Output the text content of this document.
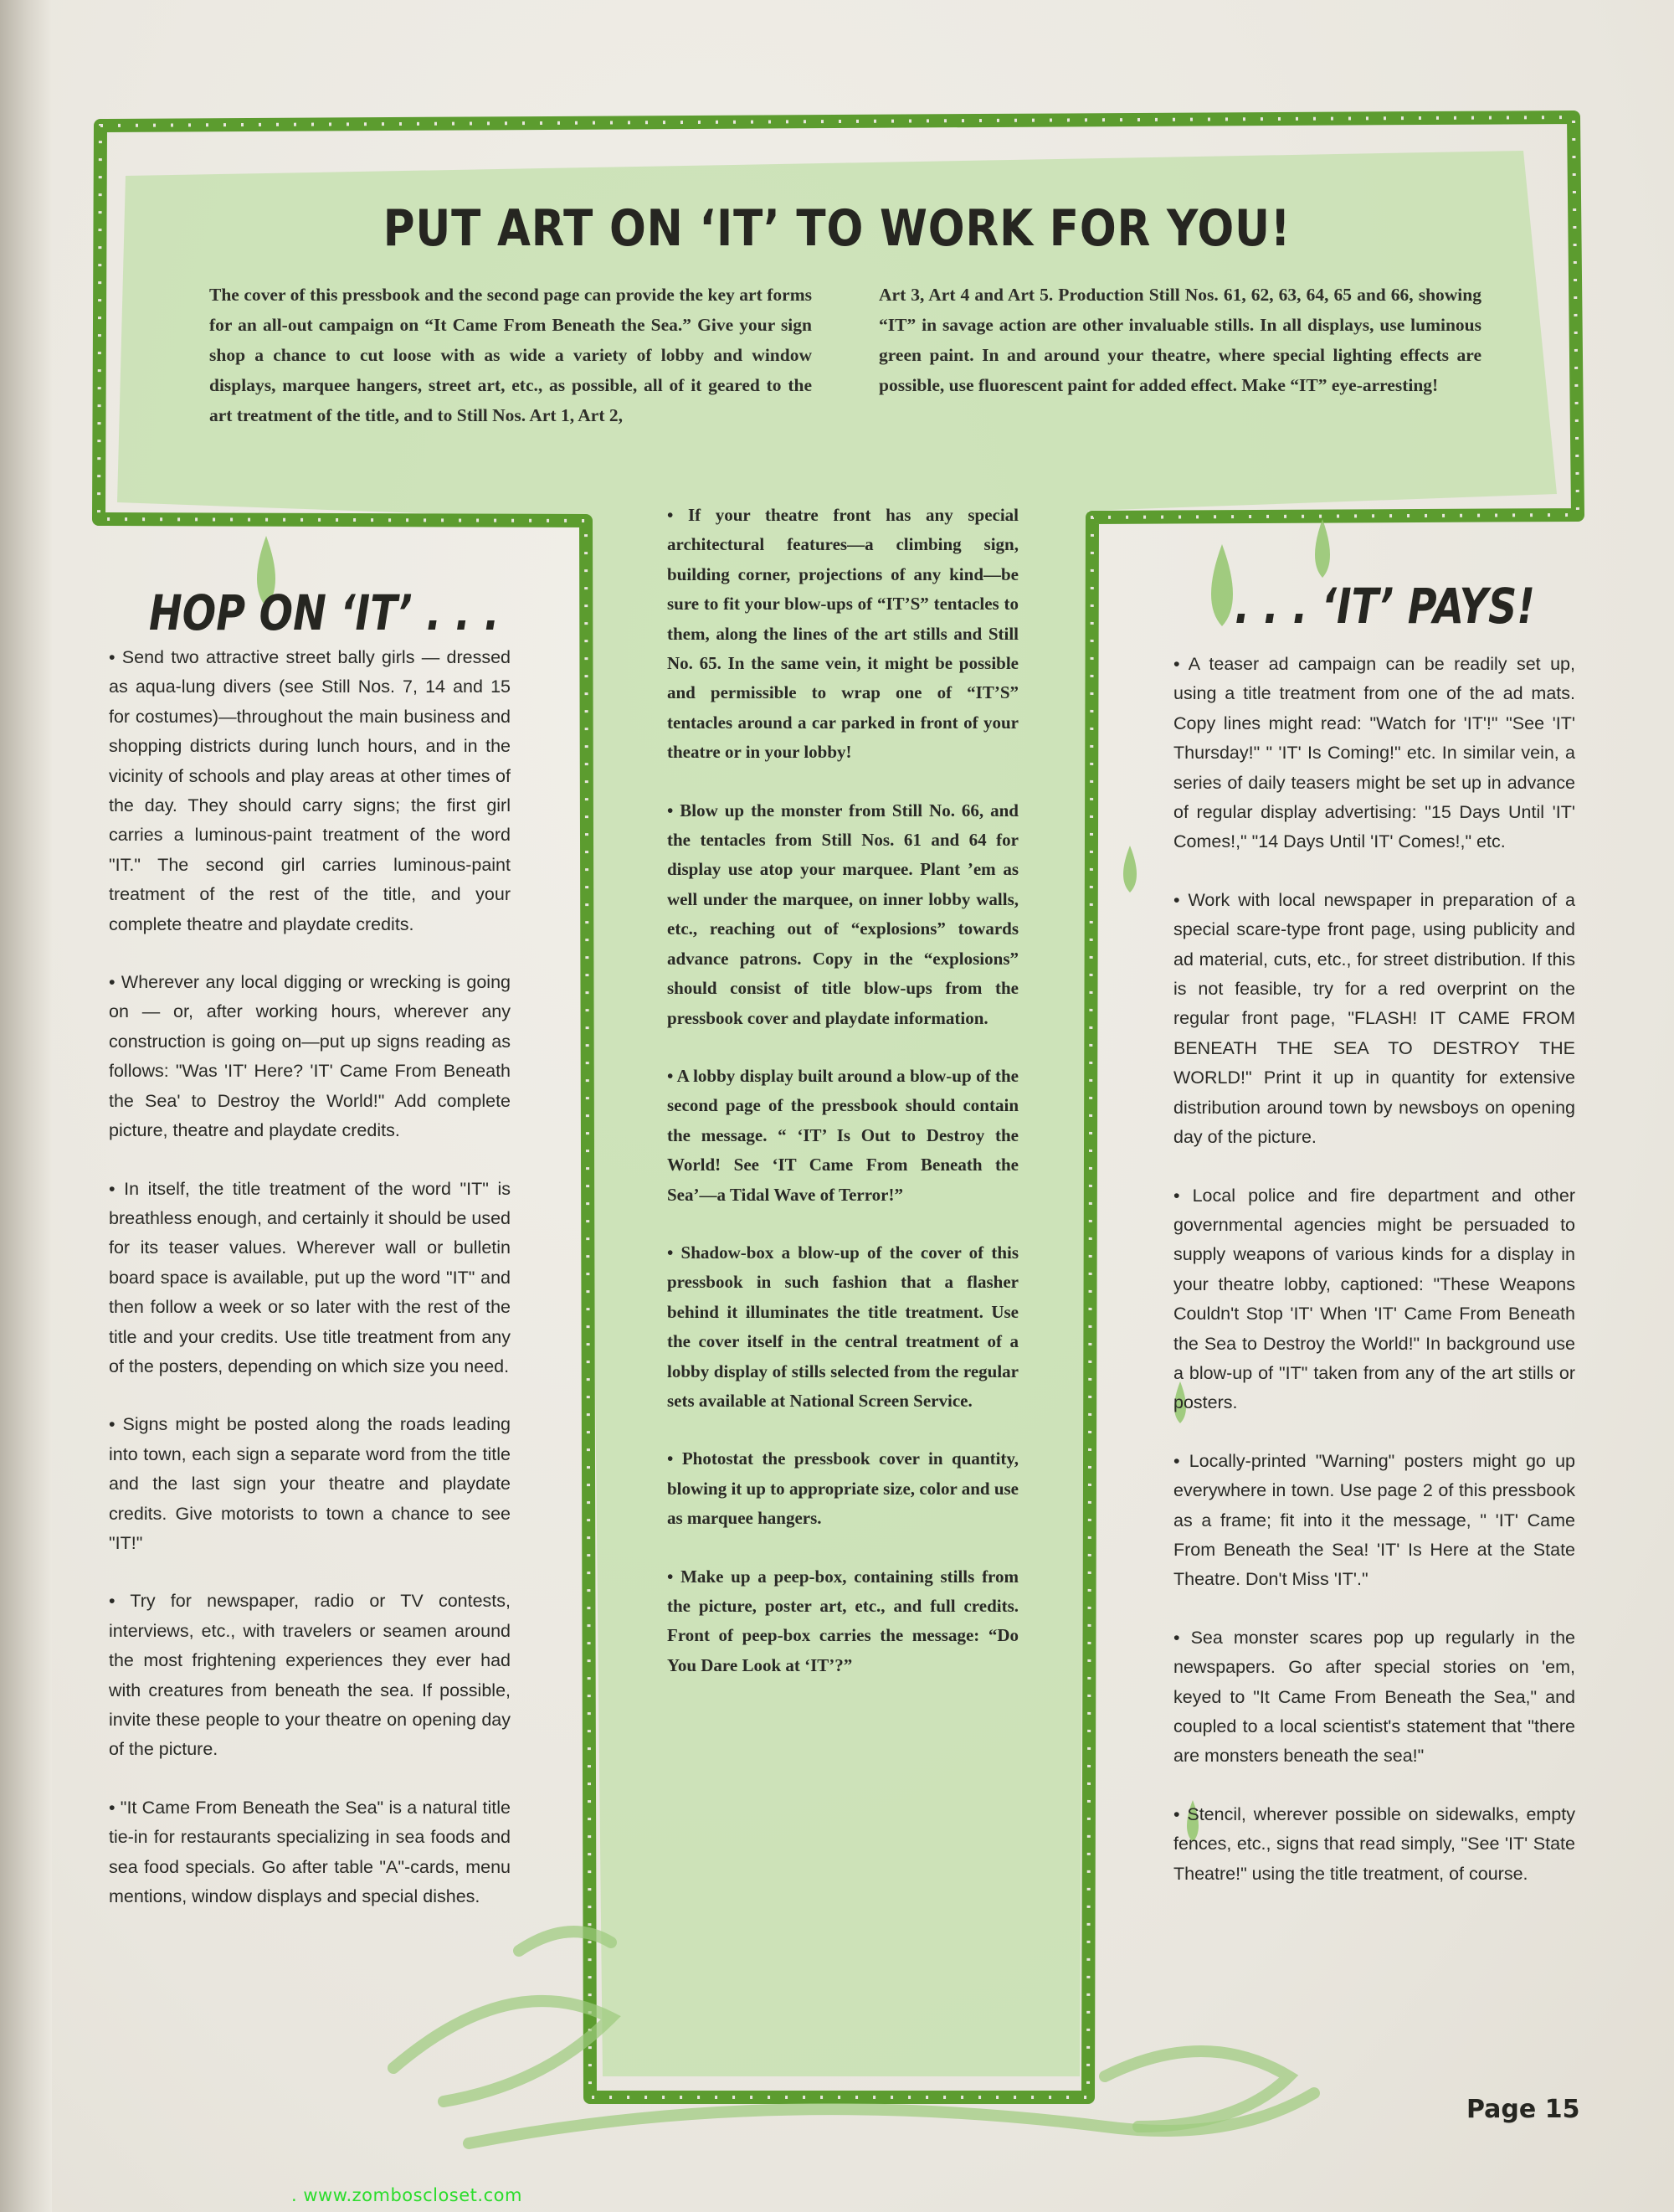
PUT ART ON ‘IT’ TO WORK FOR YOU!
The cover of this pressbook and the second page can provide the key art forms for an all-out campaign on “It Came From Beneath the Sea.” Give your sign shop a chance to cut loose with as wide a variety of lobby and window displays, marquee hangers, street art, etc., as possible, all of it geared to the art treatment of the title, and to Still Nos. Art 1, Art 2,
Art 3, Art 4 and Art 5. Production Still Nos. 61, 62, 63, 64, 65 and 66, showing “IT” in savage action are other invaluable stills. In all displays, use luminous green paint. In and around your theatre, where special lighting effects are possible, use fluorescent paint for added effect. Make “IT” eye-arresting!
HOP ON ‘IT’ . . .	. . . ‘IT’ PAYS!

• Send two attractive street bally girls — dressed as aqua-lung divers (see Still Nos. 7, 14 and 15 for costumes)—throughout the main business and shopping districts during lunch hours, and in the vicinity of schools and play areas at other times of the day. They should carry signs; the first girl carries a luminous-paint treatment of the word "IT." The second girl carries luminous-paint treatment of the rest of the title, and your complete theatre and playdate credits.

• Wherever any local digging or wrecking is going on — or, after working hours, wherever any construction is going on—put up signs reading as follows: "Was 'IT' Here? 'IT' Came From Beneath the Sea' to Destroy the World!" Add complete picture, theatre and playdate credits.

• In itself, the title treatment of the word "IT" is breathless enough, and certainly it should be used for its teaser values. Wherever wall or bulletin board space is available, put up the word "IT" and then follow a week or so later with the rest of the title and your credits. Use title treatment from any of the posters, depending on which size you need.

• Signs might be posted along the roads leading into town, each sign a separate word from the title and the last sign your theatre and playdate credits. Give motorists to town a chance to see "IT!"

• Try for newspaper, radio or TV contests, interviews, etc., with travelers or seamen around the most frightening experiences they ever had with creatures from beneath the sea. If possible, invite these people to your theatre on opening day of the picture.

• "It Came From Beneath the Sea" is a natural title tie-in for restaurants specializing in sea foods and sea food specials. Go after table "A"-cards, menu mentions, window displays and special dishes.

• If your theatre front has any special architectural features—a climbing sign, building corner, projections of any kind—be sure to fit your blow-ups of “IT’S” tentacles to them, along the lines of the art stills and Still No. 65. In the same vein, it might be possible and permissible to wrap one of “IT’S” tentacles around a car parked in front of your theatre or in your lobby!

• Blow up the monster from Still No. 66, and the tentacles from Still Nos. 61 and 64 for display use atop your marquee. Plant ’em as well under the marquee, on inner lobby walls, etc., reaching out of “explosions” towards advance patrons. Copy in the “explosions” should consist of title blow-ups from the pressbook cover and playdate information.

• A lobby display built around a blow-up of the second page of the pressbook should contain the message. “ ‘IT’ Is Out to Destroy the World! See ‘IT Came From Beneath the Sea’—a Tidal Wave of Terror!”

• Shadow-box a blow-up of the cover of this pressbook in such fashion that a flasher behind it illuminates the title treatment. Use the cover itself in the central treatment of a lobby display of stills selected from the regular sets available at National Screen Service.

• Photostat the pressbook cover in quantity, blowing it up to appropriate size, color and use as marquee hangers.

• Make up a peep-box, containing stills from the picture, poster art, etc., and full credits. Front of peep-box carries the message: “Do You Dare Look at ‘IT’?”

• A teaser ad campaign can be readily set up, using a title treatment from one of the ad mats. Copy lines might read: "Watch for 'IT'!" "See 'IT' Thursday!" " 'IT' Is Coming!" etc. In similar vein, a series of daily teasers might be set up in advance of regular display advertising: "15 Days Until 'IT' Comes!," "14 Days Until 'IT' Comes!," etc.

• Work with local newspaper in preparation of a special scare-type front page, using publicity and ad material, cuts, etc., for street distribution. If this is not feasible, try for a red overprint on the regular front page, "FLASH! IT CAME FROM BENEATH THE SEA TO DESTROY THE WORLD!" Print it up in quantity for extensive distribution around town by newsboys on opening day of the picture.

• Local police and fire department and other governmental agencies might be persuaded to supply weapons of various kinds for a display in your theatre lobby, captioned: "These Weapons Couldn't Stop 'IT' When 'IT' Came From Beneath the Sea to Destroy the World!" In background use a blow-up of "IT" taken from any of the art stills or posters.

• Locally-printed "Warning" posters might go up everywhere in town. Use page 2 of this pressbook as a frame; fit into it the message, " 'IT' Came From Beneath the Sea! 'IT' Is Here at the State Theatre. Don't Miss 'IT'."

• Sea monster scares pop up regularly in the newspapers. Go after special stories on 'em, keyed to "It Came From Beneath the Sea," and coupled to a local scientist's statement that "there are monsters beneath the sea!"

• Stencil, wherever possible on sidewalks, empty fences, etc., signs that read simply, "See 'IT' State Theatre!" using the title treatment, of course.

Page 15
. www.zomboscloset.com
